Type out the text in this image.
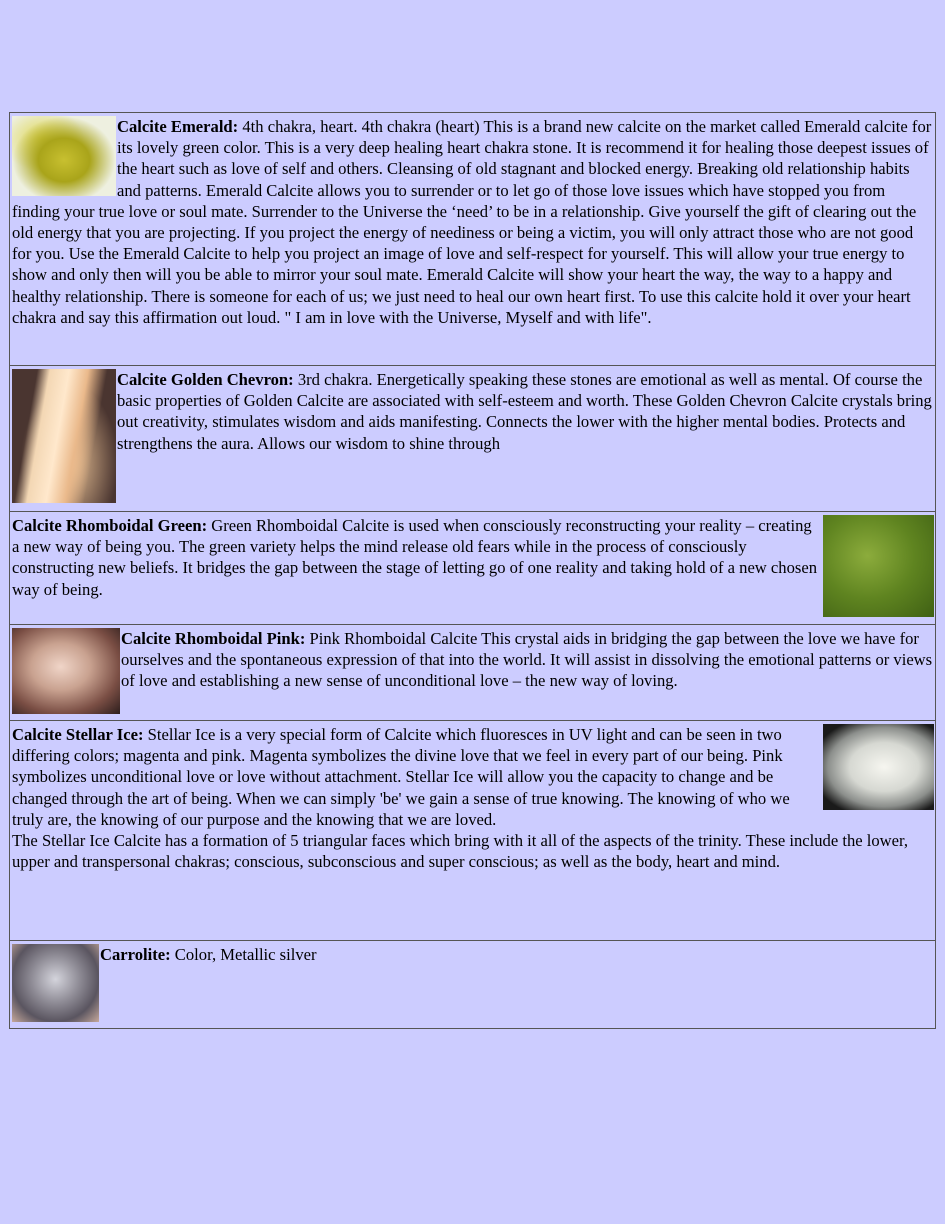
Calcite Emerald: 4th chakra, heart. 4th chakra (heart) This is a brand new calcite on the market called Emerald calcite for its lovely green color. This is a very deep healing heart chakra stone. It is recommend it for healing those deepest issues of the heart such as love of self and others. Cleansing of old stagnant and blocked energy. Breaking old relationship habits and patterns. Emerald Calcite allows you to surrender or to let go of those love issues which have stopped you from finding your true love or soul mate. Surrender to the Universe the ‘need’ to be in a relationship. Give yourself the gift of clearing out the old energy that you are projecting. If you project the energy of neediness or being a victim, you will only attract those who are not good for you. Use the Emerald Calcite to help you project an image of love and self-respect for yourself. This will allow your true energy to show and only then will you be able to mirror your soul mate. Emerald Calcite will show your heart the way, the way to a happy and healthy relationship. There is someone for each of us; we just need to heal our own heart first. To use this calcite hold it over your heart chakra and say this affirmation out loud. " I am in love with the Universe, Myself and with life".

Calcite Golden Chevron: 3rd chakra. Energetically speaking these stones are emotional as well as mental. Of course the basic properties of Golden Calcite are associated with self-esteem and worth. These Golden Chevron Calcite crystals bring out creativity, stimulates wisdom and aids manifesting. Connects the lower with the higher mental bodies. Protects and strengthens the aura. Allows our wisdom to shine through

Calcite Rhomboidal Green: Green Rhomboidal Calcite is used when consciously reconstructing your reality – creating a new way of being you. The green variety helps the mind release old fears while in the process of consciously constructing new beliefs. It bridges the gap between the stage of letting go of one reality and taking hold of a new chosen way of being.

Calcite Rhomboidal Pink: Pink Rhomboidal Calcite This crystal aids in bridging the gap between the love we have for ourselves and the spontaneous expression of that into the world. It will assist in dissolving the emotional patterns or views of love and establishing a new sense of unconditional love – the new way of loving.

Calcite Stellar Ice: Stellar Ice is a very special form of Calcite which fluoresces in UV light and can be seen in two differing colors; magenta and pink. Magenta symbolizes the divine love that we feel in every part of our being. Pink symbolizes unconditional love or love without attachment. Stellar Ice will allow you the capacity to change and be changed through the art of being. When we can simply 'be' we gain a sense of true knowing. The knowing of who we truly are, the knowing of our purpose and the knowing that we are loved.

The Stellar Ice Calcite has a formation of 5 triangular faces which bring with it all of the aspects of the trinity. These include the lower, upper and transpersonal chakras; conscious, subconscious and super conscious; as well as the body, heart and mind.

Carrolite: Color, Metallic silver
